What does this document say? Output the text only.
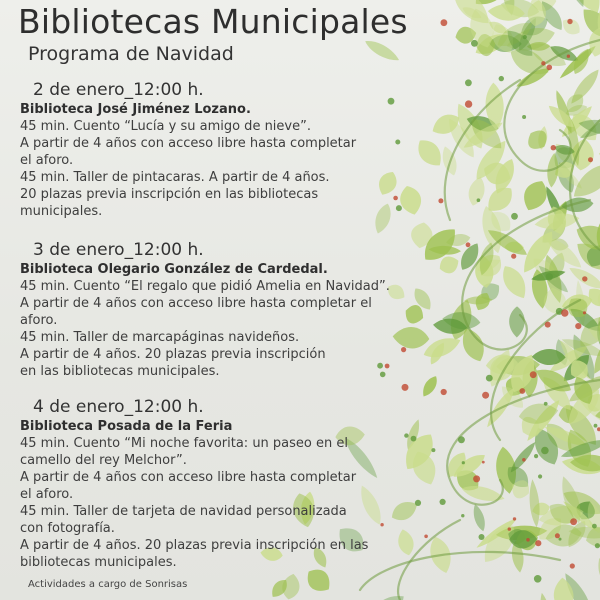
Bibliotecas Municipales
Programa de Navidad
2 de enero_12:00 h.
Biblioteca José Jiménez Lozano.
45 min. Cuento “Lucía y su amigo de nieve”.
A partir de 4 años con acceso libre hasta completar
el aforo.
45 min. Taller de pintacaras. A partir de 4 años.
20 plazas previa inscripción en las bibliotecas
municipales.
3 de enero_12:00 h.
Biblioteca Olegario González de Cardedal.
45 min. Cuento “El regalo que pidió Amelia en Navidad”.
A partir de 4 años con acceso libre hasta completar el
aforo.
45 min. Taller de marcapáginas navideños.
A partir de 4 años. 20 plazas previa inscripción
en las bibliotecas municipales.
4 de enero_12:00 h.
Biblioteca Posada de la Feria
45 min. Cuento “Mi noche favorita: un paseo en el
camello del rey Melchor”.
A partir de 4 años con acceso libre hasta completar
el aforo.
45 min. Taller de tarjeta de navidad personalizada
con fotografía.
A partir de 4 años. 20 plazas previa inscripción en las
bibliotecas municipales.
Actividades a cargo de Sonrisas
